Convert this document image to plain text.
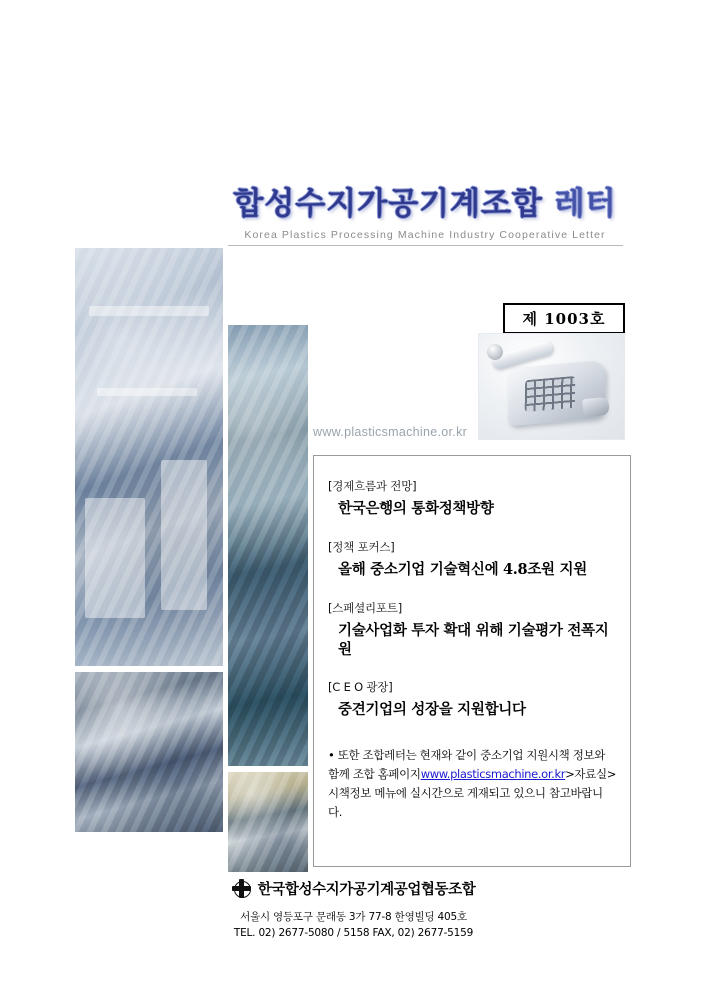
합성수지가공기계조합 레터
Korea Plastics Processing Machine Industry Cooperative Letter
제 1003호
www.plasticsmachine.or.kr
[경제흐름과 전망]
한국은행의 통화정책방향
[정책 포커스]
올해 중소기업 기술혁신에 4.8조원 지원
[스페셜리포트]
기술사업화 투자 확대 위해 기술평가 전폭지원
[C E O 광장]
중견기업의 성장을 지원합니다
• 또한 조합레터는 현재와 같이 중소기업 지원시책 정보와 함께 조합 홈페이지www.plasticsmachine.or.kr>자료실>시책정보 메뉴에 실시간으로 게재되고 있으니 참고바랍니다.
한국합성수지가공기계공업협동조합
서울시 영등포구 문래동 3가 77-8 한영빌딩 405호
TEL. 02) 2677-5080 / 5158 FAX, 02) 2677-5159
